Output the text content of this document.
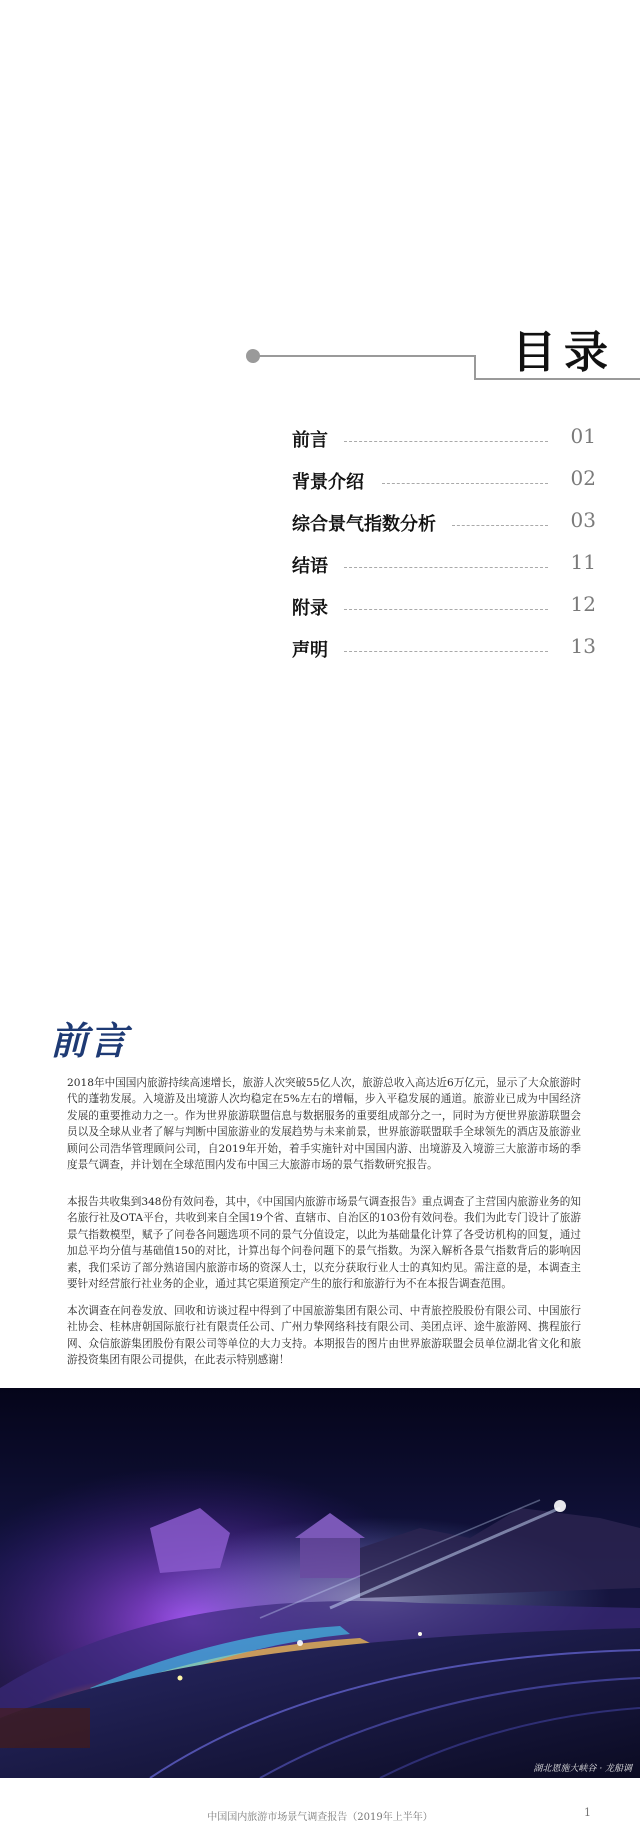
目录
前言	01
背景介绍	02
综合景气指数分析	03
结语	11
附录	12
声明	13
前言
2018年中国国内旅游持续高速增长，旅游人次突破55亿人次，旅游总收入高达近6万亿元，显示了大众旅游时代的蓬勃发展。入境游及出境游人次均稳定在5%左右的增幅，步入平稳发展的通道。旅游业已成为中国经济发展的重要推动力之一。作为世界旅游联盟信息与数据服务的重要组成部分之一，同时为方便世界旅游联盟会员以及全球从业者了解与判断中国旅游业的发展趋势与未来前景，世界旅游联盟联手全球领先的酒店及旅游业顾问公司浩华管理顾问公司，自2019年开始，着手实施针对中国国内游、出境游及入境游三大旅游市场的季度景气调查，并计划在全球范围内发布中国三大旅游市场的景气指数研究报告。
本报告共收集到348份有效问卷，其中，《中国国内旅游市场景气调查报告》重点调查了主营国内旅游业务的知名旅行社及OTA平台，共收到来自全国19个省、直辖市、自治区的103份有效问卷。我们为此专门设计了旅游景气指数模型，赋予了问卷各问题选项不同的景气分值设定，以此为基础量化计算了各受访机构的回复，通过加总平均分值与基础值150的对比，计算出每个问卷问题下的景气指数。为深入解析各景气指数背后的影响因素，我们采访了部分熟谙国内旅游市场的资深人士，以充分获取行业人士的真知灼见。需注意的是，本调查主要针对经营旅行社业务的企业，通过其它渠道预定产生的旅行和旅游行为不在本报告调查范围。
本次调查在问卷发放、回收和访谈过程中得到了中国旅游集团有限公司、中青旅控股股份有限公司、中国旅行社协会、桂林唐朝国际旅行社有限责任公司、广州力挚网络科技有限公司、美团点评、途牛旅游网、携程旅行网、众信旅游集团股份有限公司等单位的大力支持。本期报告的图片由世界旅游联盟会员单位湖北省文化和旅游投资集团有限公司提供，在此表示特别感谢！
湖北恩施大峡谷 · 龙船调
中国国内旅游市场景气调查报告（2019年上半年）	1
